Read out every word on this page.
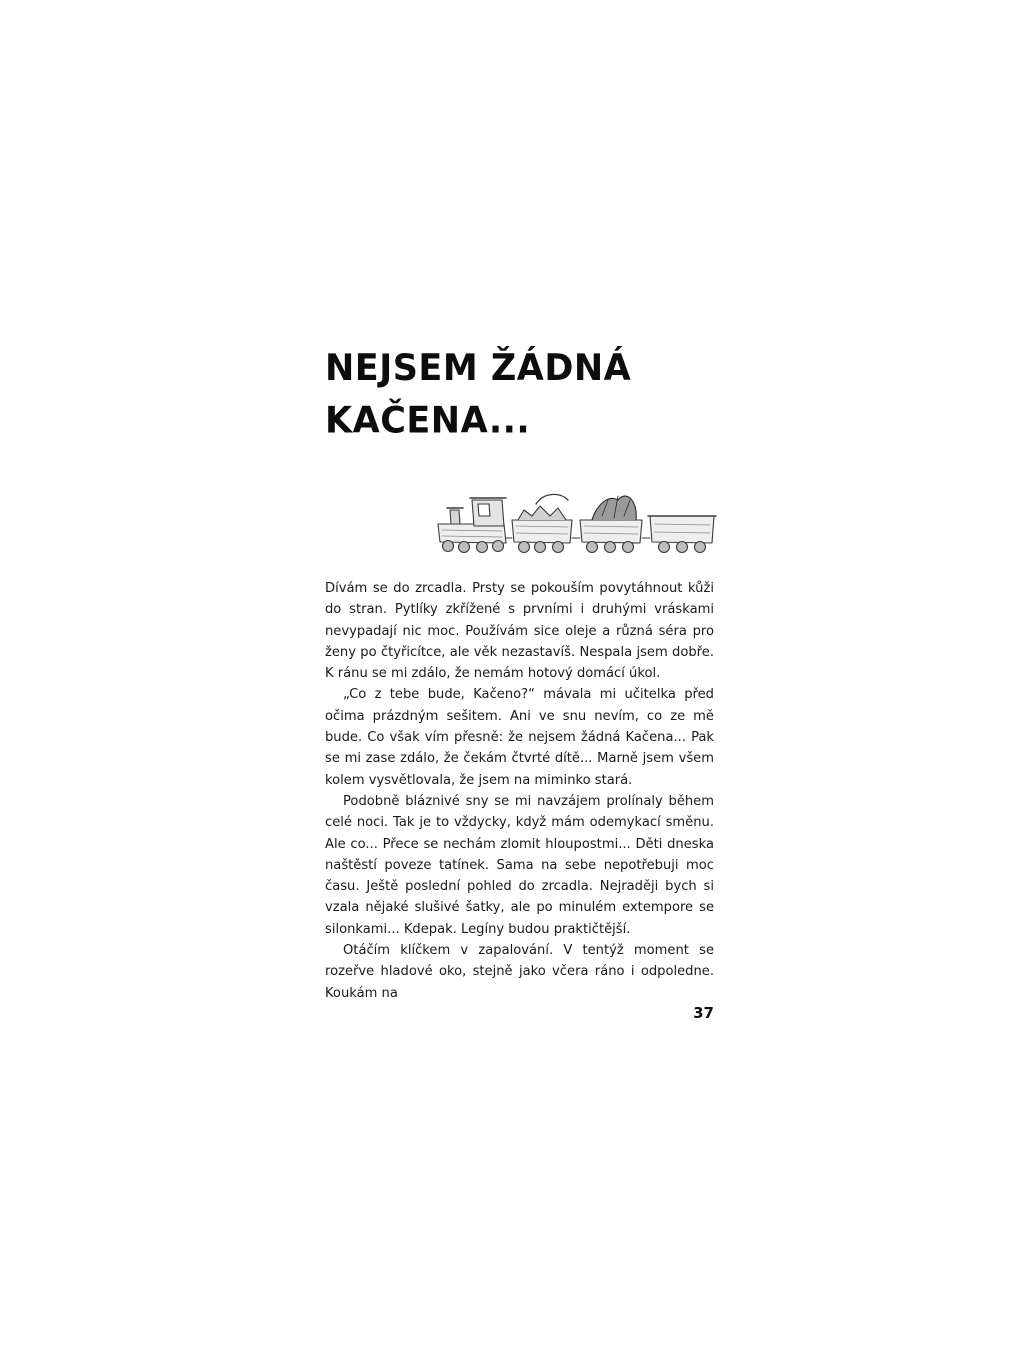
NEJSEM ŽÁDNÁ
KAČENA...

Dívám se do zrcadla. Prsty se pokouším povytáhnout kůži do stran. Pytlíky zkřížené s prvními i druhými vráskami nevypadají nic moc. Používám sice oleje a různá séra pro ženy po čtyřicítce, ale věk nezastavíš. Nespala jsem dobře. K ránu se mi zdálo, že nemám hotový domácí úkol.

„Co z tebe bude, Kačeno?“ mávala mi učitelka před očima prázdným sešitem. Ani ve snu nevím, co ze mě bude. Co však vím přesně: že nejsem žádná Kačena... Pak se mi zase zdálo, že čekám čtvrté dítě... Marně jsem všem kolem vysvětlovala, že jsem na miminko stará.

Podobně bláznivé sny se mi navzájem prolínaly během celé noci. Tak je to vždycky, když mám odemykací směnu. Ale co... Přece se nechám zlomit hloupostmi... Děti dneska naštěstí poveze tatínek. Sama na sebe nepotřebuji moc času. Ještě poslední pohled do zrcadla. Nejraději bych si vzala nějaké slušivé šatky, ale po minulém extempore se silonkami... Kdepak. Legíny budou praktičtější.

Otáčím klíčkem v zapalování. V tentýž moment se rozeřve hladové oko, stejně jako včera ráno i odpoledne. Koukám na

37
